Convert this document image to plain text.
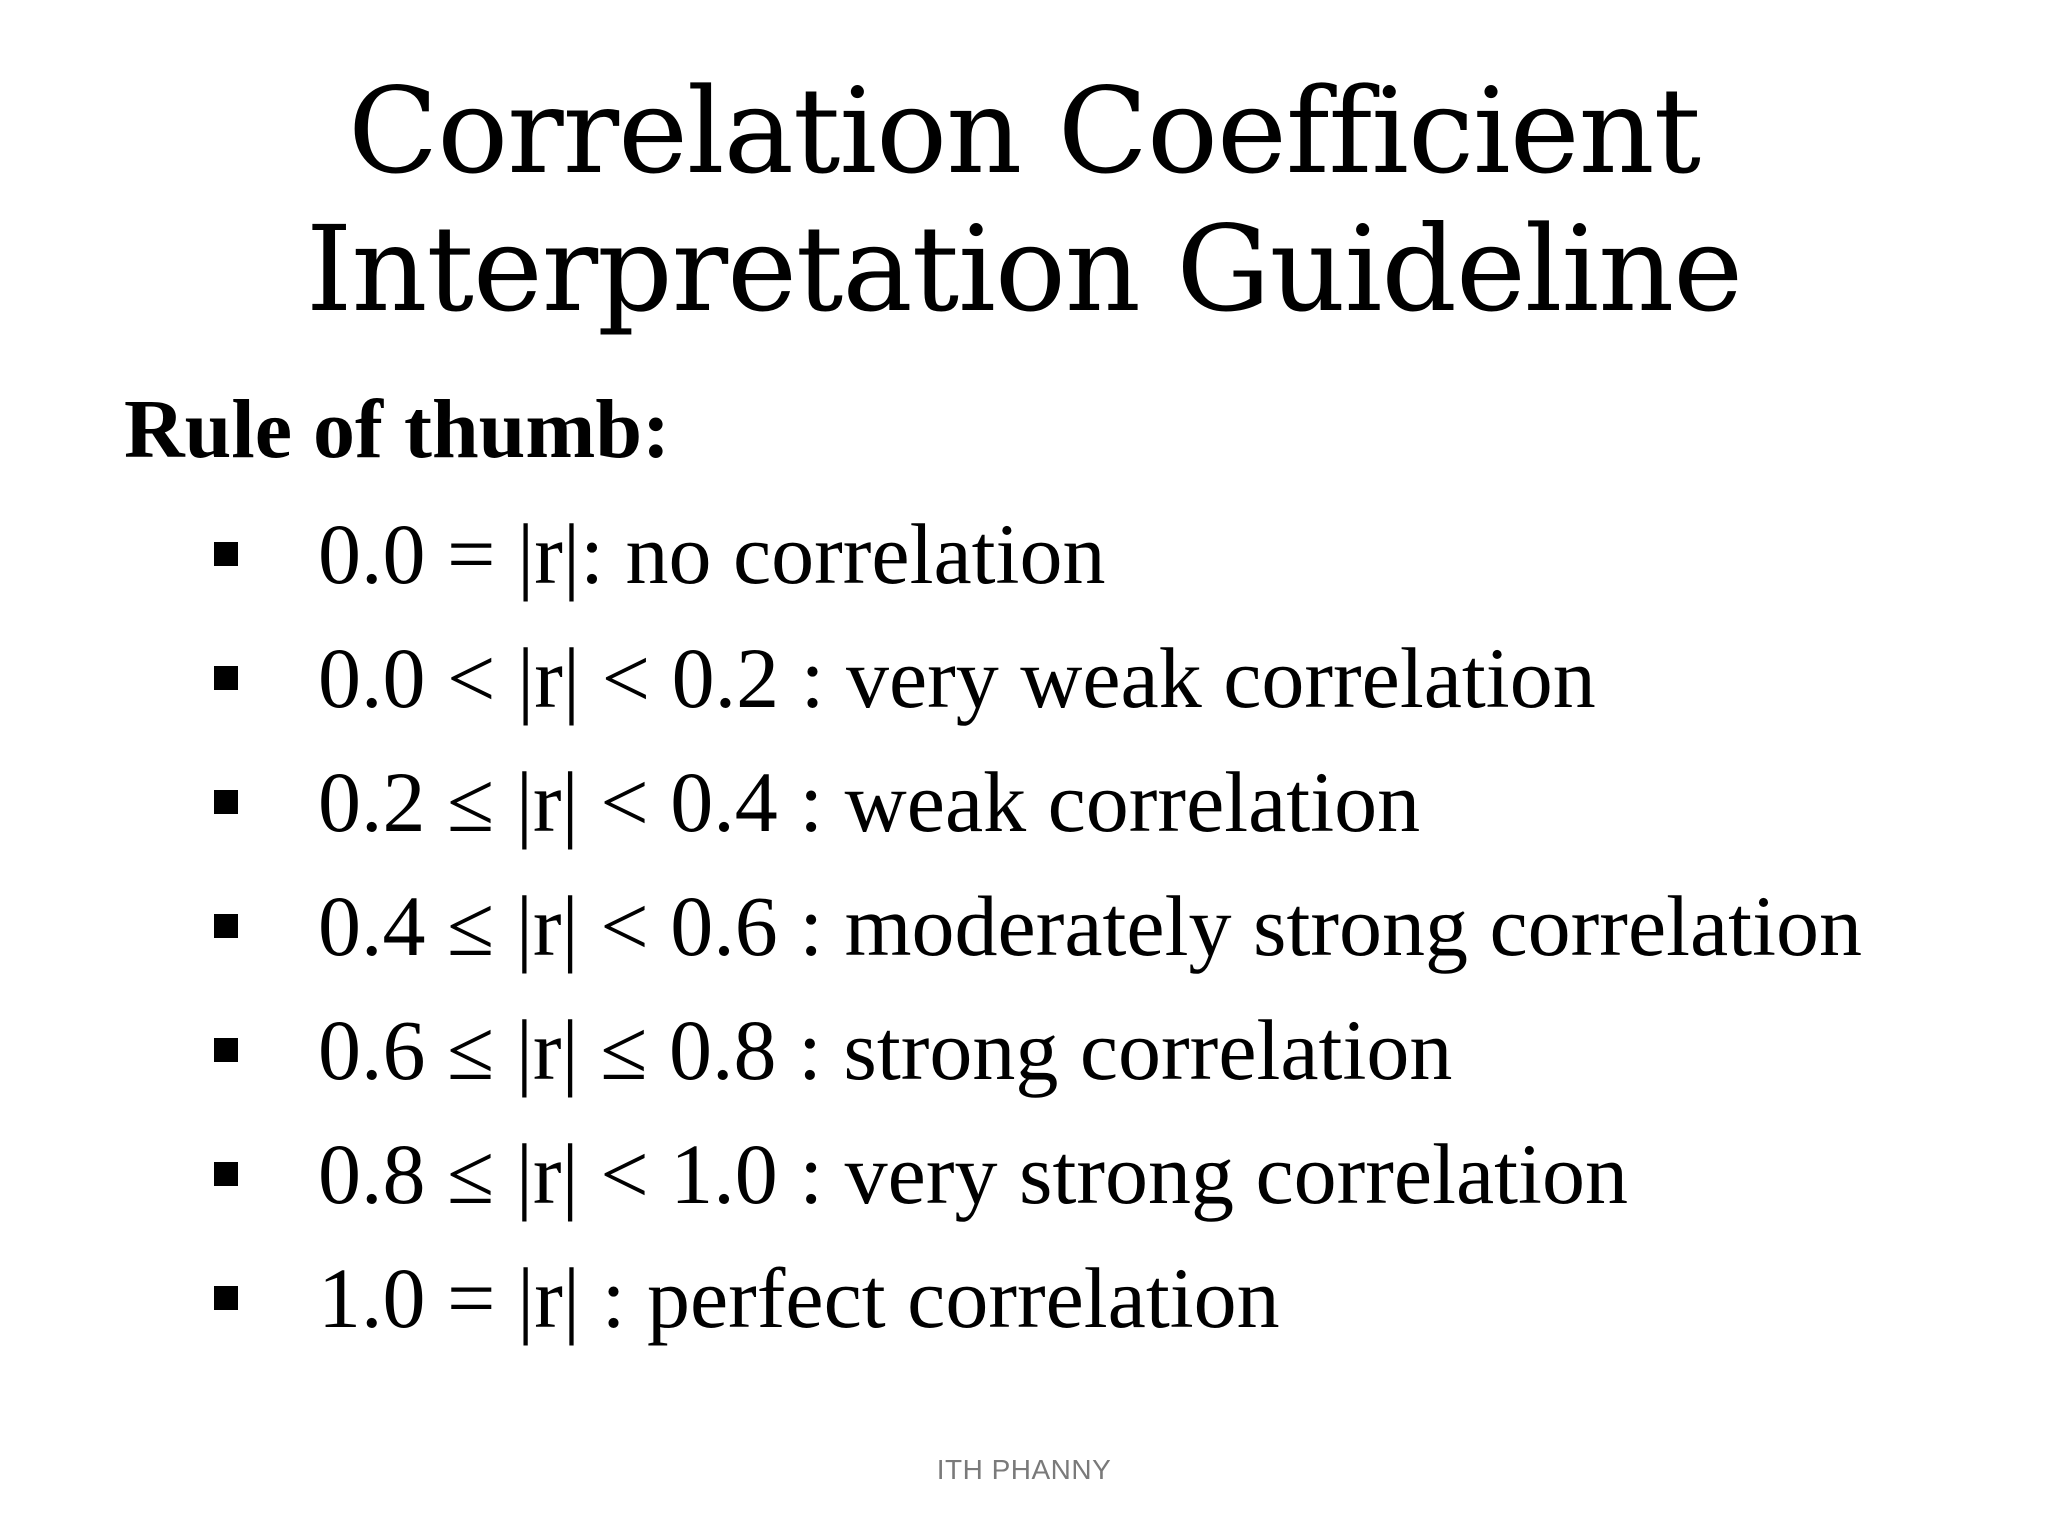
Correlation Coefficient
Interpretation Guideline
Rule of thumb:
0.0 = |r|: no correlation
0.0 < |r| < 0.2 : very weak correlation
0.2 ≤ |r| < 0.4 : weak correlation
0.4 ≤ |r| < 0.6 : moderately strong correlation
0.6 ≤ |r| ≤ 0.8 : strong correlation
0.8 ≤ |r| < 1.0 : very strong correlation
1.0 = |r| : perfect correlation
ITH PHANNY
